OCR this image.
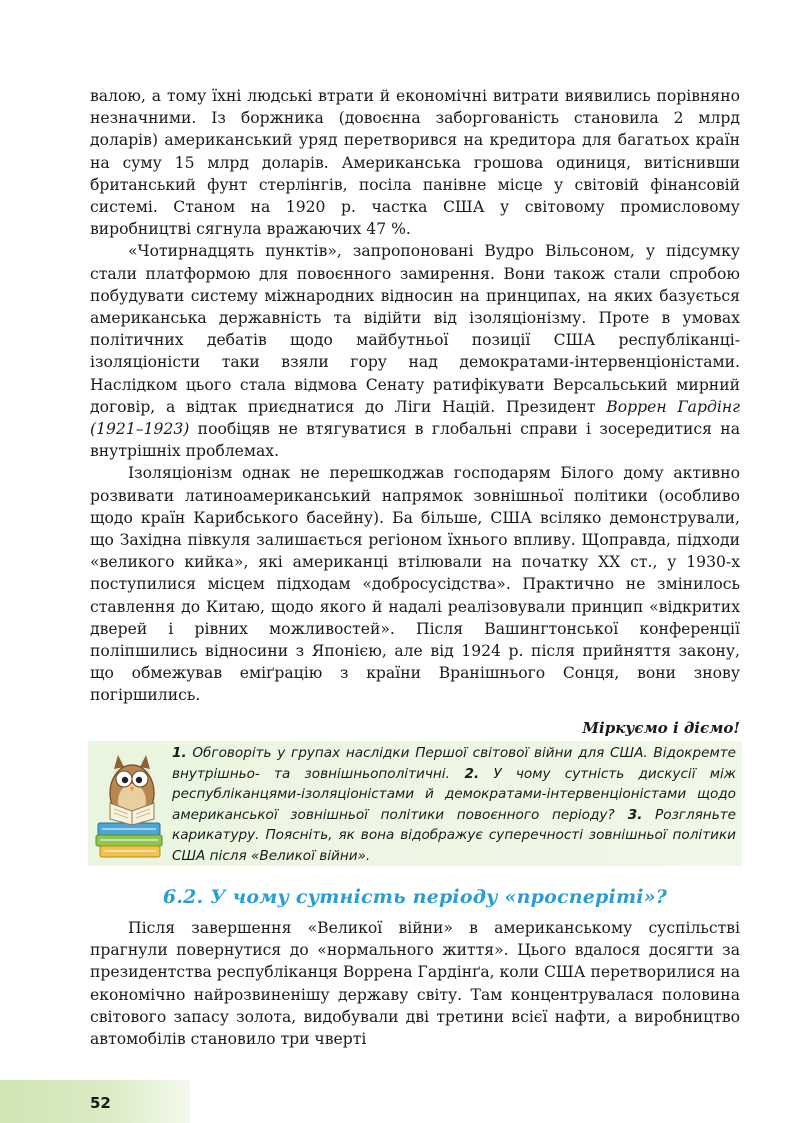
валою, а тому їхні людські втрати й економічні витрати виявились порівняно незначними. Із боржника (довоєнна заборгованість становила 2 млрд доларів) американський уряд перетворився на кредитора для багатьох країн на суму 15 млрд доларів. Американська грошова одиниця, витіснивши британський фунт стерлінгів, посіла панівне місце у світовій фінансовій системі. Станом на 1920 р. частка США у світовому промисловому виробництві сягнула вражаючих 47 %.

«Чотирнадцять пунктів», запропоновані Вудро Вільсоном, у підсумку стали платформою для повоєнного замирення. Вони також стали спробою побудувати систему міжнародних відносин на принципах, на яких базується американська державність та відійти від ізоляціонізму. Проте в умовах політичних дебатів щодо майбутньої позиції США республіканці-ізоляціоністи таки взяли гору над демократами-інтервенціоністами. Наслідком цього стала відмова Сенату ратифікувати Версальський мирний договір, а відтак приєднатися до Ліги Націй. Президент Воррен Гардінг (1921–1923) пообіцяв не втягуватися в глобальні справи і зосередитися на внутрішніх проблемах.

Ізоляціонізм однак не перешкоджав господарям Білого дому активно розвивати латиноамериканський напрямок зовнішньої політики (особливо щодо країн Карибського басейну). Ба більше, США всіляко демонстрували, що Західна півкуля залишається регіоном їхнього впливу. Щоправда, підходи «великого кийка», які американці втілювали на початку ХХ ст., у 1930-х поступилися місцем підходам «добросусідства». Практично не змінилось ставлення до Китаю, щодо якого й надалі реалізовували принцип «відкритих дверей і рівних можливостей». Після Вашингтонської конференції поліпшились відносини з Японією, але від 1924 р. після прийняття закону, що обмежував еміґрацію з країни Вранішнього Сонця, вони знову погіршились.

Міркуємо і діємо!
1. Обговоріть у групах наслідки Першої світової війни для США. Відокремте внутрішньо- та зовнішньополітичні. 2. У чому сутність дискусії між республіканцями-ізоляціоністами й демократами-інтервенціоністами щодо американської зовнішньої політики повоєнного періоду? 3. Розгляньте карикатуру. Поясніть, як вона відображує суперечності зовнішньої політики США після «Великої війни».
6.2. У чому сутність періоду «просперіті»?

Після завершення «Великої війни» в американському суспільстві прагнули повернутися до «нормального життя». Цього вдалося досягти за президентства республіканця Воррена Гардінґа, коли США перетворилися на економічно найрозвиненішу державу світу. Там концентрувалася половина світового запасу золота, видобували дві третини всієї нафти, а виробництво автомобілів становило три чверті

52
